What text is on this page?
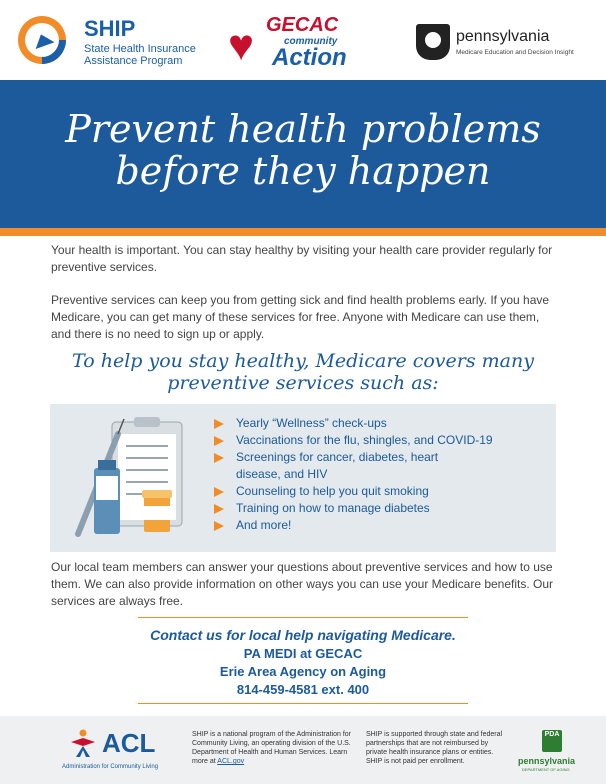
SHIP
State Health Insurance
Assistance Program	♥ GECAC
community
Action
pennsylvania
Medicare Education and Decision Insight
Prevent health problems
before they happen

Your health is important. You can stay healthy by visiting your health care provider regularly for preventive services.

Preventive services can keep you from getting sick and find health problems early. If you have Medicare, you can get many of these services for free. Anyone with Medicare can use them, and there is no need to sign up or apply.

To help you stay healthy, Medicare covers many
preventive services such as:
Yearly “Wellness” check-ups
Vaccinations for the flu, shingles, and COVID-19
Screenings for cancer, diabetes, heart disease, and HIV
Counseling to help you quit smoking
Training on how to manage diabetes
And more!

Our local team members can answer your questions about preventive services and how to use them. We can also provide information on other ways you can use your Medicare benefits. Our services are always free.

Contact us for local help navigating Medicare.
PA MEDI at GECAC
Erie Area Agency on Aging
814-459-4581 ext. 400
ACL
Administration for Community Living
SHIP is a national program of the Administration for Community Living, an operating division of the U.S. Department of Health and Human Services. Learn more at ACL.gov
SHIP is supported through state and federal partnerships that are not reimbursed by private health insurance plans or entities. SHIP is not paid per enrollment.
PDA
pennsylvania
DEPARTMENT OF AGING
